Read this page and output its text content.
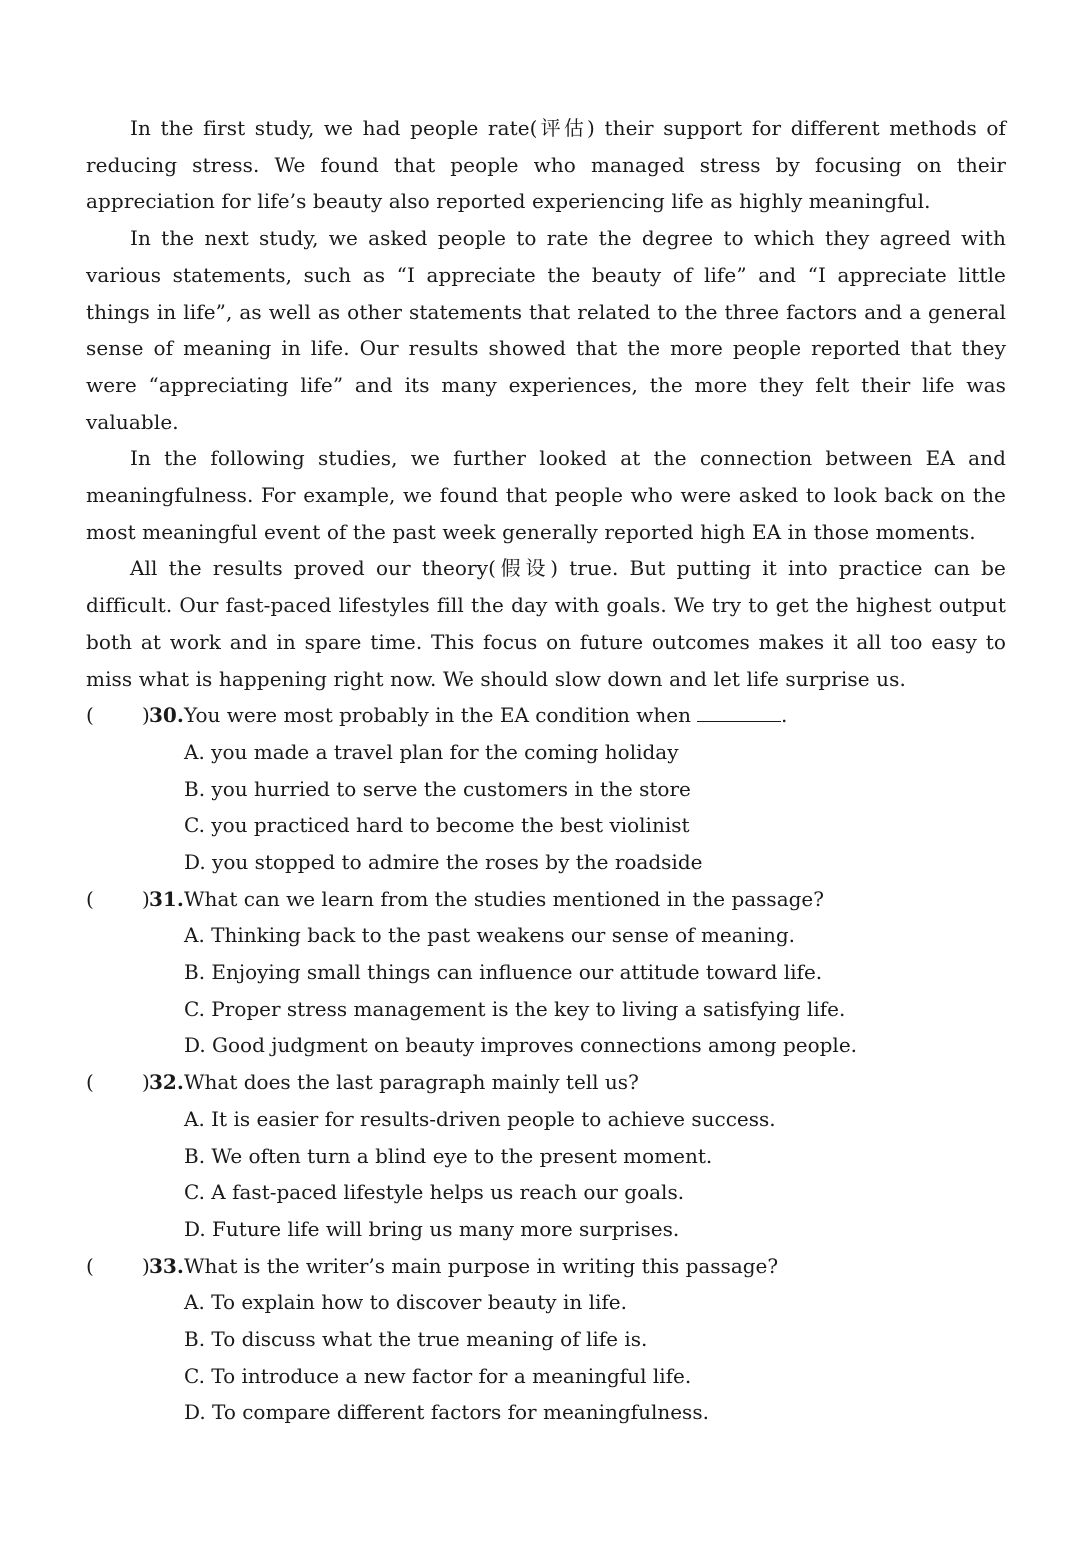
In the first study, we had people rate(评估) their support for different methods of reducing stress. We found that people who managed stress by focusing on their appreciation for life’s beauty also reported experiencing life as highly meaningful.

In the next study, we asked people to rate the degree to which they agreed with various statements, such as “I appreciate the beauty of life” and “I appreciate little things in life”, as well as other statements that related to the three factors and a general sense of meaning in life. Our results showed that the more people reported that they were “appreciating life” and its many experiences, the more they felt their life was valuable.

In the following studies, we further looked at the connection between EA and meaningfulness. For example, we found that people who were asked to look back on the most meaningful event of the past week generally reported high EA in those moments.

All the results proved our theory(假设) true. But putting it into practice can be difficult. Our fast-paced lifestyles fill the day with goals. We try to get the highest output both at work and in spare time. This focus on future outcomes makes it all too easy to miss what is happening right now. We should slow down and let life surprise us.

( ) 30. You were most probably in the EA condition when	.
A. you made a travel plan for the coming holiday
B. you hurried to serve the customers in the store
C. you practiced hard to become the best violinist
D. you stopped to admire the roses by the roadside
( ) 31. What can we learn from the studies mentioned in the passage?
A. Thinking back to the past weakens our sense of meaning.
B. Enjoying small things can influence our attitude toward life.
C. Proper stress management is the key to living a satisfying life.
D. Good judgment on beauty improves connections among people.
( ) 32. What does the last paragraph mainly tell us?
A. It is easier for results-driven people to achieve success.
B. We often turn a blind eye to the present moment.
C. A fast-paced lifestyle helps us reach our goals.
D. Future life will bring us many more surprises.
( ) 33. What is the writer’s main purpose in writing this passage?
A. To explain how to discover beauty in life.
B. To discuss what the true meaning of life is.
C. To introduce a new factor for a meaningful life.
D. To compare different factors for meaningfulness.
